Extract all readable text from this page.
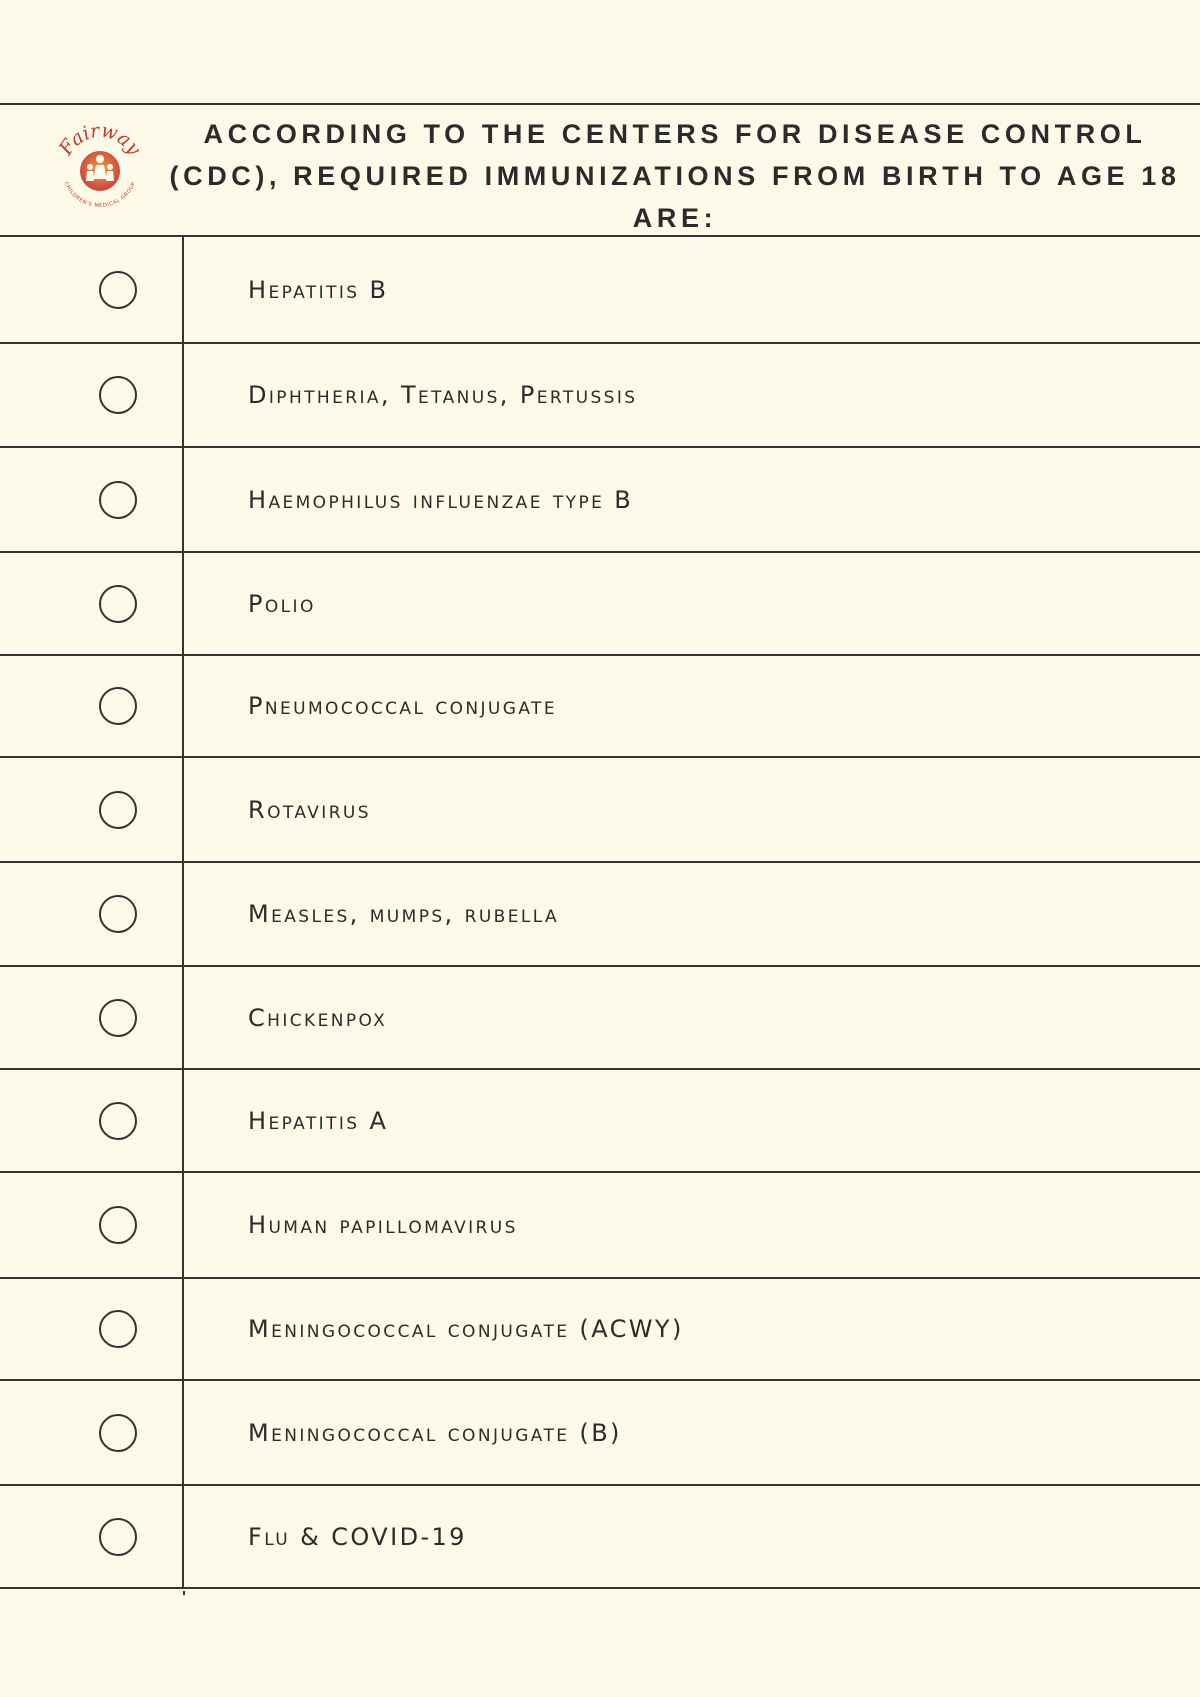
Fairway
CHILDREN'S MEDICAL GROUP
ACCORDING TO THE CENTERS FOR DISEASE CONTROL
(CDC), REQUIRED IMMUNIZATIONS FROM BIRTH TO AGE 18
ARE:
Hepatitis B
Diphtheria, Tetanus, Pertussis
Haemophilus influenzae type B
Polio
Pneumococcal conjugate
Rotavirus
Measles, mumps, rubella
Chickenpox
Hepatitis A
Human papillomavirus
Meningococcal conjugate (ACWY)
Meningococcal conjugate (B)
Flu & COVID-19
